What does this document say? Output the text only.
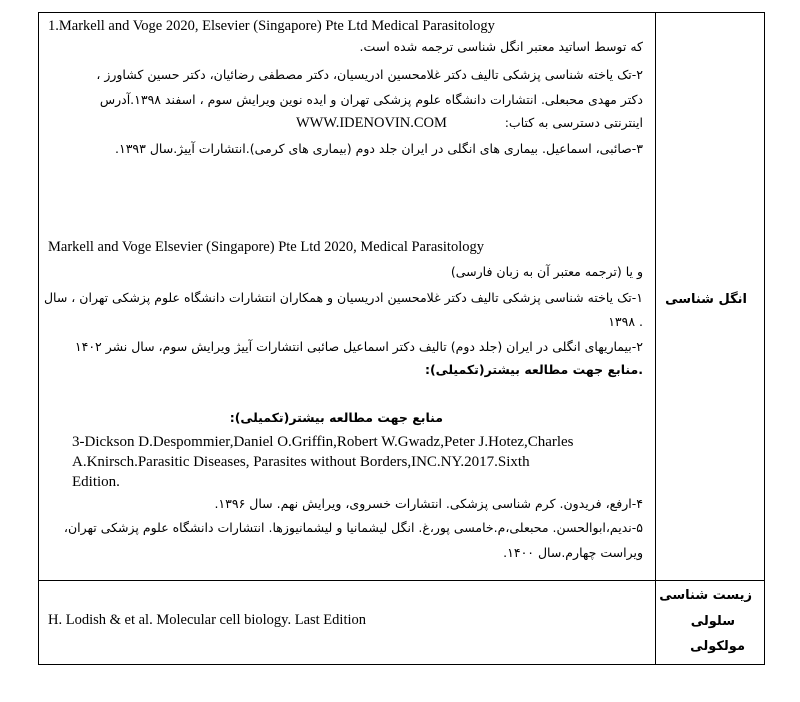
1.Markell and Voge 2020, Elsevier (Singapore) Pte Ltd Medical Parasitology
که توسط اساتید معتبر انگل شناسی ترجمه شده است.
۲-تک یاخته شناسی پزشکی تالیف دکتر غلامحسین ادریسیان، دکتر مصطفی رضائیان، دکتر حسین کشاورز ،
دکتر مهدی محبعلی. انتشارات دانشگاه علوم پزشکی تهران و ایده نوین ویرایش سوم ، اسفند ۱۳۹۸.آدرس
اینترنتی دسترسی به کتاب:
WWW.IDENOVIN.COM
۳-صائبی، اسماعیل. بیماری های انگلی در ایران جلد دوم (بیماری های کرمی).انتشارات آییژ.سال ۱۳۹۳.
Markell and Voge Elsevier (Singapore) Pte Ltd 2020, Medical Parasitology
و یا (ترجمه معتبر آن به زبان فارسی)
۱-تک یاخته شناسی پزشکی تالیف دکتر غلامحسین ادریسیان و همکاران انتشارات دانشگاه علوم پزشکی تهران ، سال
۱۳۹۸ .
۲-بیماریهای انگلی در ایران (جلد دوم) تالیف دکتر اسماعیل صائبی انتشارات آییژ ویرایش سوم، سال نشر ۱۴۰۲
.منابع جهت مطالعه بیشتر(تکمیلی):
منابع جهت مطالعه بیشتر(تکمیلی):
3-Dickson D.Despommier,Daniel O.Griffin,Robert W.Gwadz,Peter J.Hotez,Charles
A.Knirsch.Parasitic Diseases, Parasites without Borders,INC.NY.2017.Sixth
Edition.
۴-ارفع، فریدون. کرم شناسی پزشکی. انتشارات خسروی، ویرایش نهم. سال ۱۳۹۶.
۵-ندیم،ابوالحسن. محبعلی،م.خامسی پور،غ. انگل لیشمانیا و لیشمانیوزها. انتشارات دانشگاه علوم پزشکی تهران،
ویراست چهارم.سال ۱۴۰۰.
انگل شناسی
H. Lodish & et al. Molecular cell biology. Last Edition
زیست شناسی
سلولی
مولکولی
